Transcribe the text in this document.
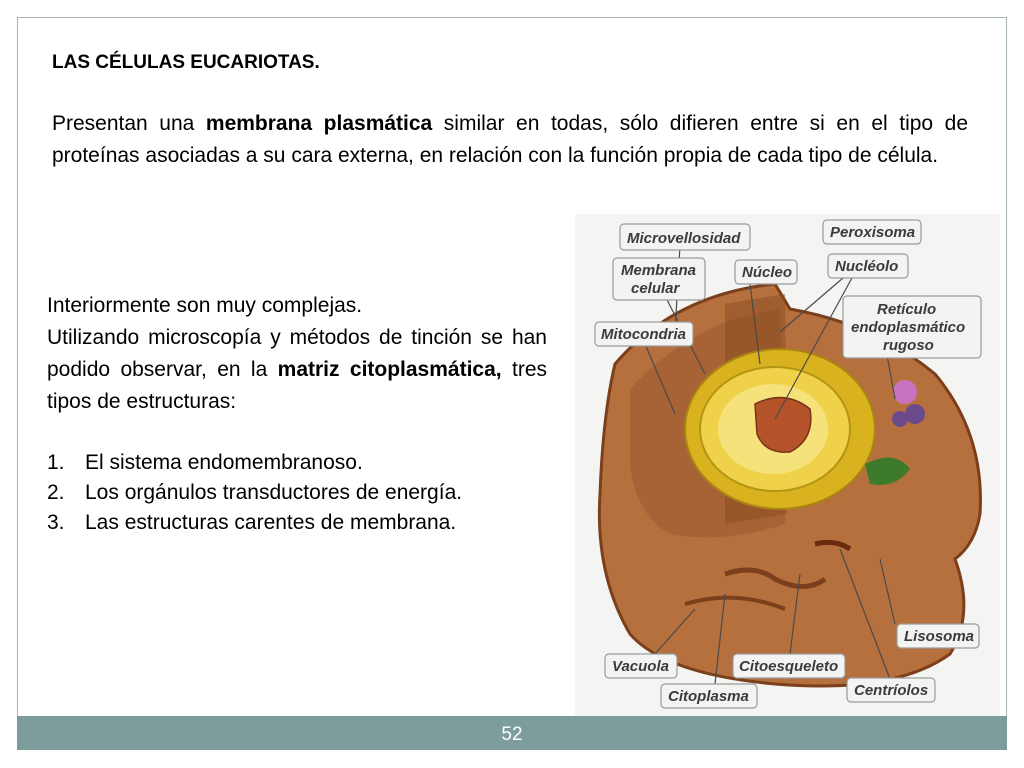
LAS CÉLULAS EUCARIOTAS.

Presentan una membrana plasmática similar en todas, sólo difieren entre si en el tipo de proteínas asociadas a su cara externa, en relación con la función propia de cada tipo de célula.

Interiormente son muy complejas.
Utilizando microscopía y métodos de tinción se han podido observar, en la matriz citoplasmática, tres tipos de estructuras:

1. El sistema endomembranoso.
2. Los orgánulos transductores de energía.
3. Las estructuras carentes de membrana.
Microvellosidad	Peroxisoma
Membrana
celular
Núcleo	Nucléolo
Retículo
endoplasmático
rugoso
Mitocondria
Lisosoma
Vacuola	Citoesqueleto
Centríolos
Citoplasma
52
